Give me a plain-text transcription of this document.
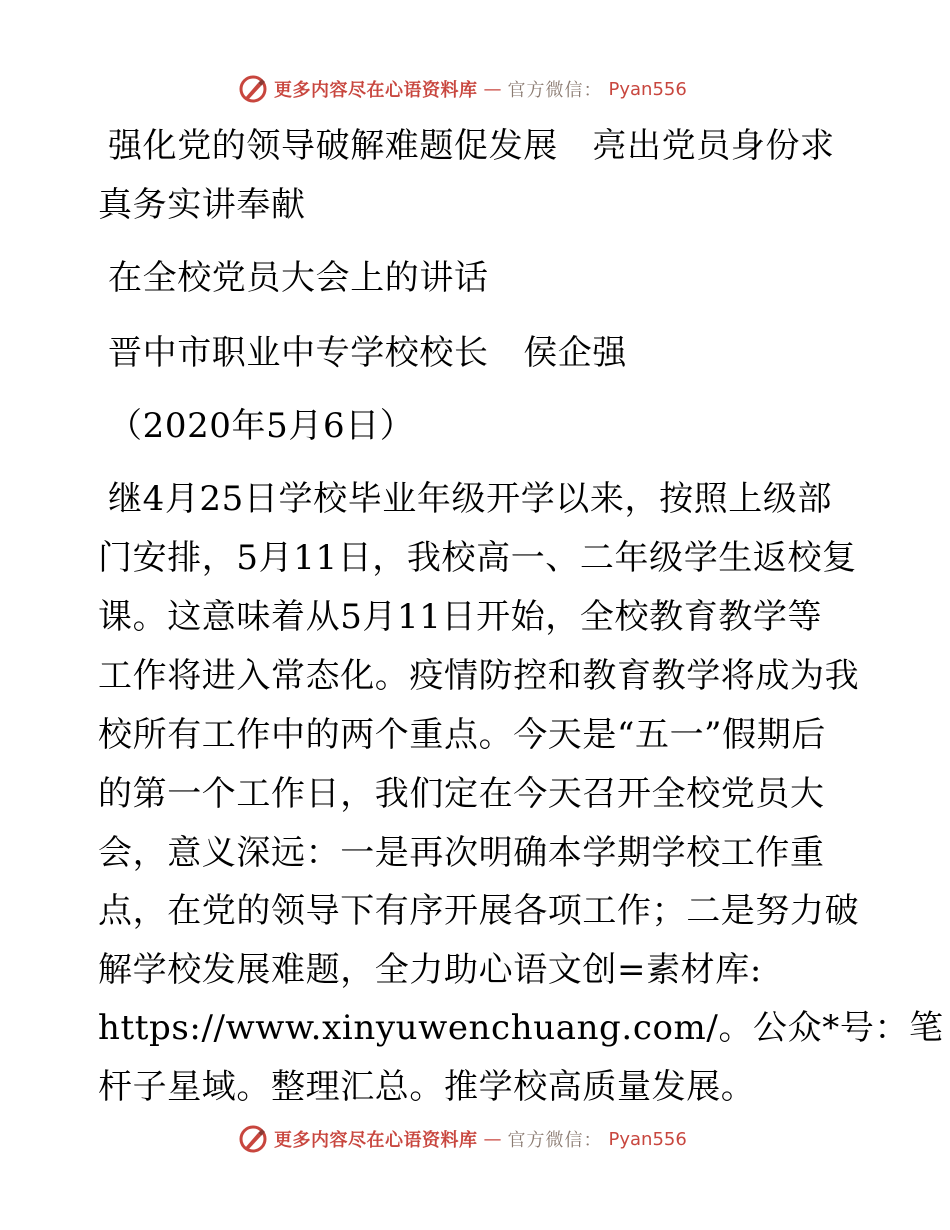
更多内容尽在心语资料库 — 官方微信： Pyan556

强化党的领导破解难题促发展　亮出党员身份求

真务实讲奉献

在全校党员大会上的讲话

晋中市职业中专学校校长　侯企强

（2020年5月6日）

继4月25日学校毕业年级开学以来，按照上级部

门安排，5月11日，我校高一、二年级学生返校复

课。这意味着从5月11日开始，全校教育教学等

工作将进入常态化。疫情防控和教育教学将成为我

校所有工作中的两个重点。今天是“五一”假期后

的第一个工作日，我们定在今天召开全校党员大

会，意义深远：一是再次明确本学期学校工作重

点，在党的领导下有序开展各项工作；二是努力破

解学校发展难题，全力助心语文创=素材库:

https://www.xinyuwenchuang.com/。公众*号：笔

杆子星域。整理汇总。推学校高质量发展。

更多内容尽在心语资料库 — 官方微信： Pyan556
